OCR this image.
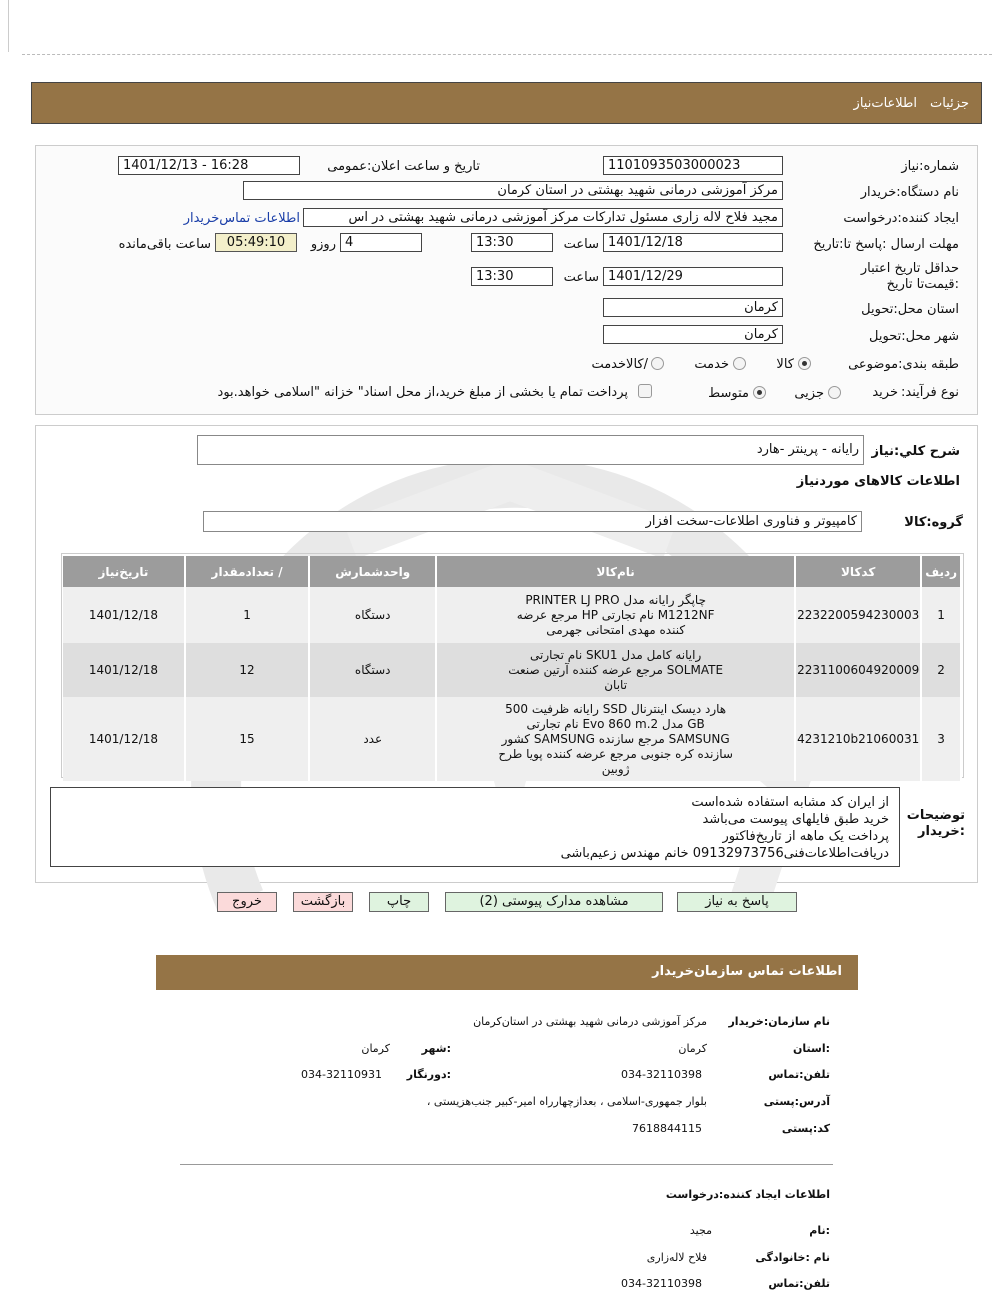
جزئیات
اطلاعات‌نیاز
شماره:نیاز
1101093503000023
تاریخ و ساعت اعلان:عمومی
1401/12/13 - 16:28
نام دستگاه:خریدار
مرکز آموزشی درمانی شهید بهشتی در استان کرمان
ایجاد کننده:درخواست
مجید فلاح لاله زاری مسئول تدارکات مرکز آموزشی درمانی شهید بهشتی در اس
اطلاعات تماس‌خریدار
مهلت ارسال :پاسخ تا:تاریخ
1401/12/18
ساعت
13:30
4
روزو
05:49:10
ساعت باقی‌مانده
حداقل تاریخ اعتبار :قیمت‌تا تاریخ
1401/12/29
ساعت
13:30
استان محل:تحویل
کرمان
شهر محل:تحویل
کرمان
طبقه بندی:موضوعی
کالا
خدمت
/کالاخدمت
نوع فرآیند:
خرید
جزیی
متوسط
پرداخت تمام یا بخشی از مبلغ خرید،از محل اسناد" خزانه "اسلامی خواهد.بود
شرح کلي:نیاز
رایانه - پرینتر -هارد
اطلاعات کالاهای موردنیاز
گروه:کالا
کامپیوتر و فناوری اطلاعات-سخت افزار
ردیف	کدکالا	نام‌کالا	واحدشمارش	/ تعدادمقدار	تاریخ‌نیاز
1	2232200594230003	چاپگر رایانه مدل PRINTER LJ PRO M1212NF نام تجارتی HP مرجع عرضه کننده مهدی امتحانی جهرمی	دستگاه	1	1401/12/18
2	2231100604920009	رایانه کامل مدل SKU1 نام تجارتی SOLMATE مرجع عرضه کننده آرتین صنعت تابان	دستگاه	12	1401/12/18
3	4231210b21060031	هارد دیسک اینترنال SSD رایانه ظرفیت 500 GB مدل Evo 860 m.2 نام تجارتی SAMSUNG مرجع سازنده SAMSUNG کشور سازنده کره جنوبی مرجع عرضه کننده پویا طرح ژوبین	عدد	15	1401/12/18
توضیحات :خریدار
از ایران کد مشابه استفاده شده‌است
خرید طبق فایلهای پیوست می‌باشد
پرداخت یک ماهه از تاریخ‌فاکتور
دریافت‌اطلاعات‌فنی09132973756 خانم مهندس زعیم‌باشی
پاسخ به نیاز
مشاهده مدارک پیوستی (2)
چاپ
بازگشت
خروج
اطلاعات تماس سازمان‌خریدار
نام سازمان:خریدار
مرکز آموزشی درمانی شهید بهشتی در استان‌کرمان
:استان
کرمان
:شهر
کرمان
تلفن:تماس
034-32110398
:دورنگار
034-32110931
آدرس:پستی
بلوار جمهوری-اسلامی ، بعدازچهارراه امیر-کبیر جنب‌هزیستی ،
کد:پستی
7618844115
اطلاعات ایجاد کننده:درخواست
:نام
مجید
نام :خانوادگی
فلاح لاله‌زاری
تلفن:تماس
034-32110398
